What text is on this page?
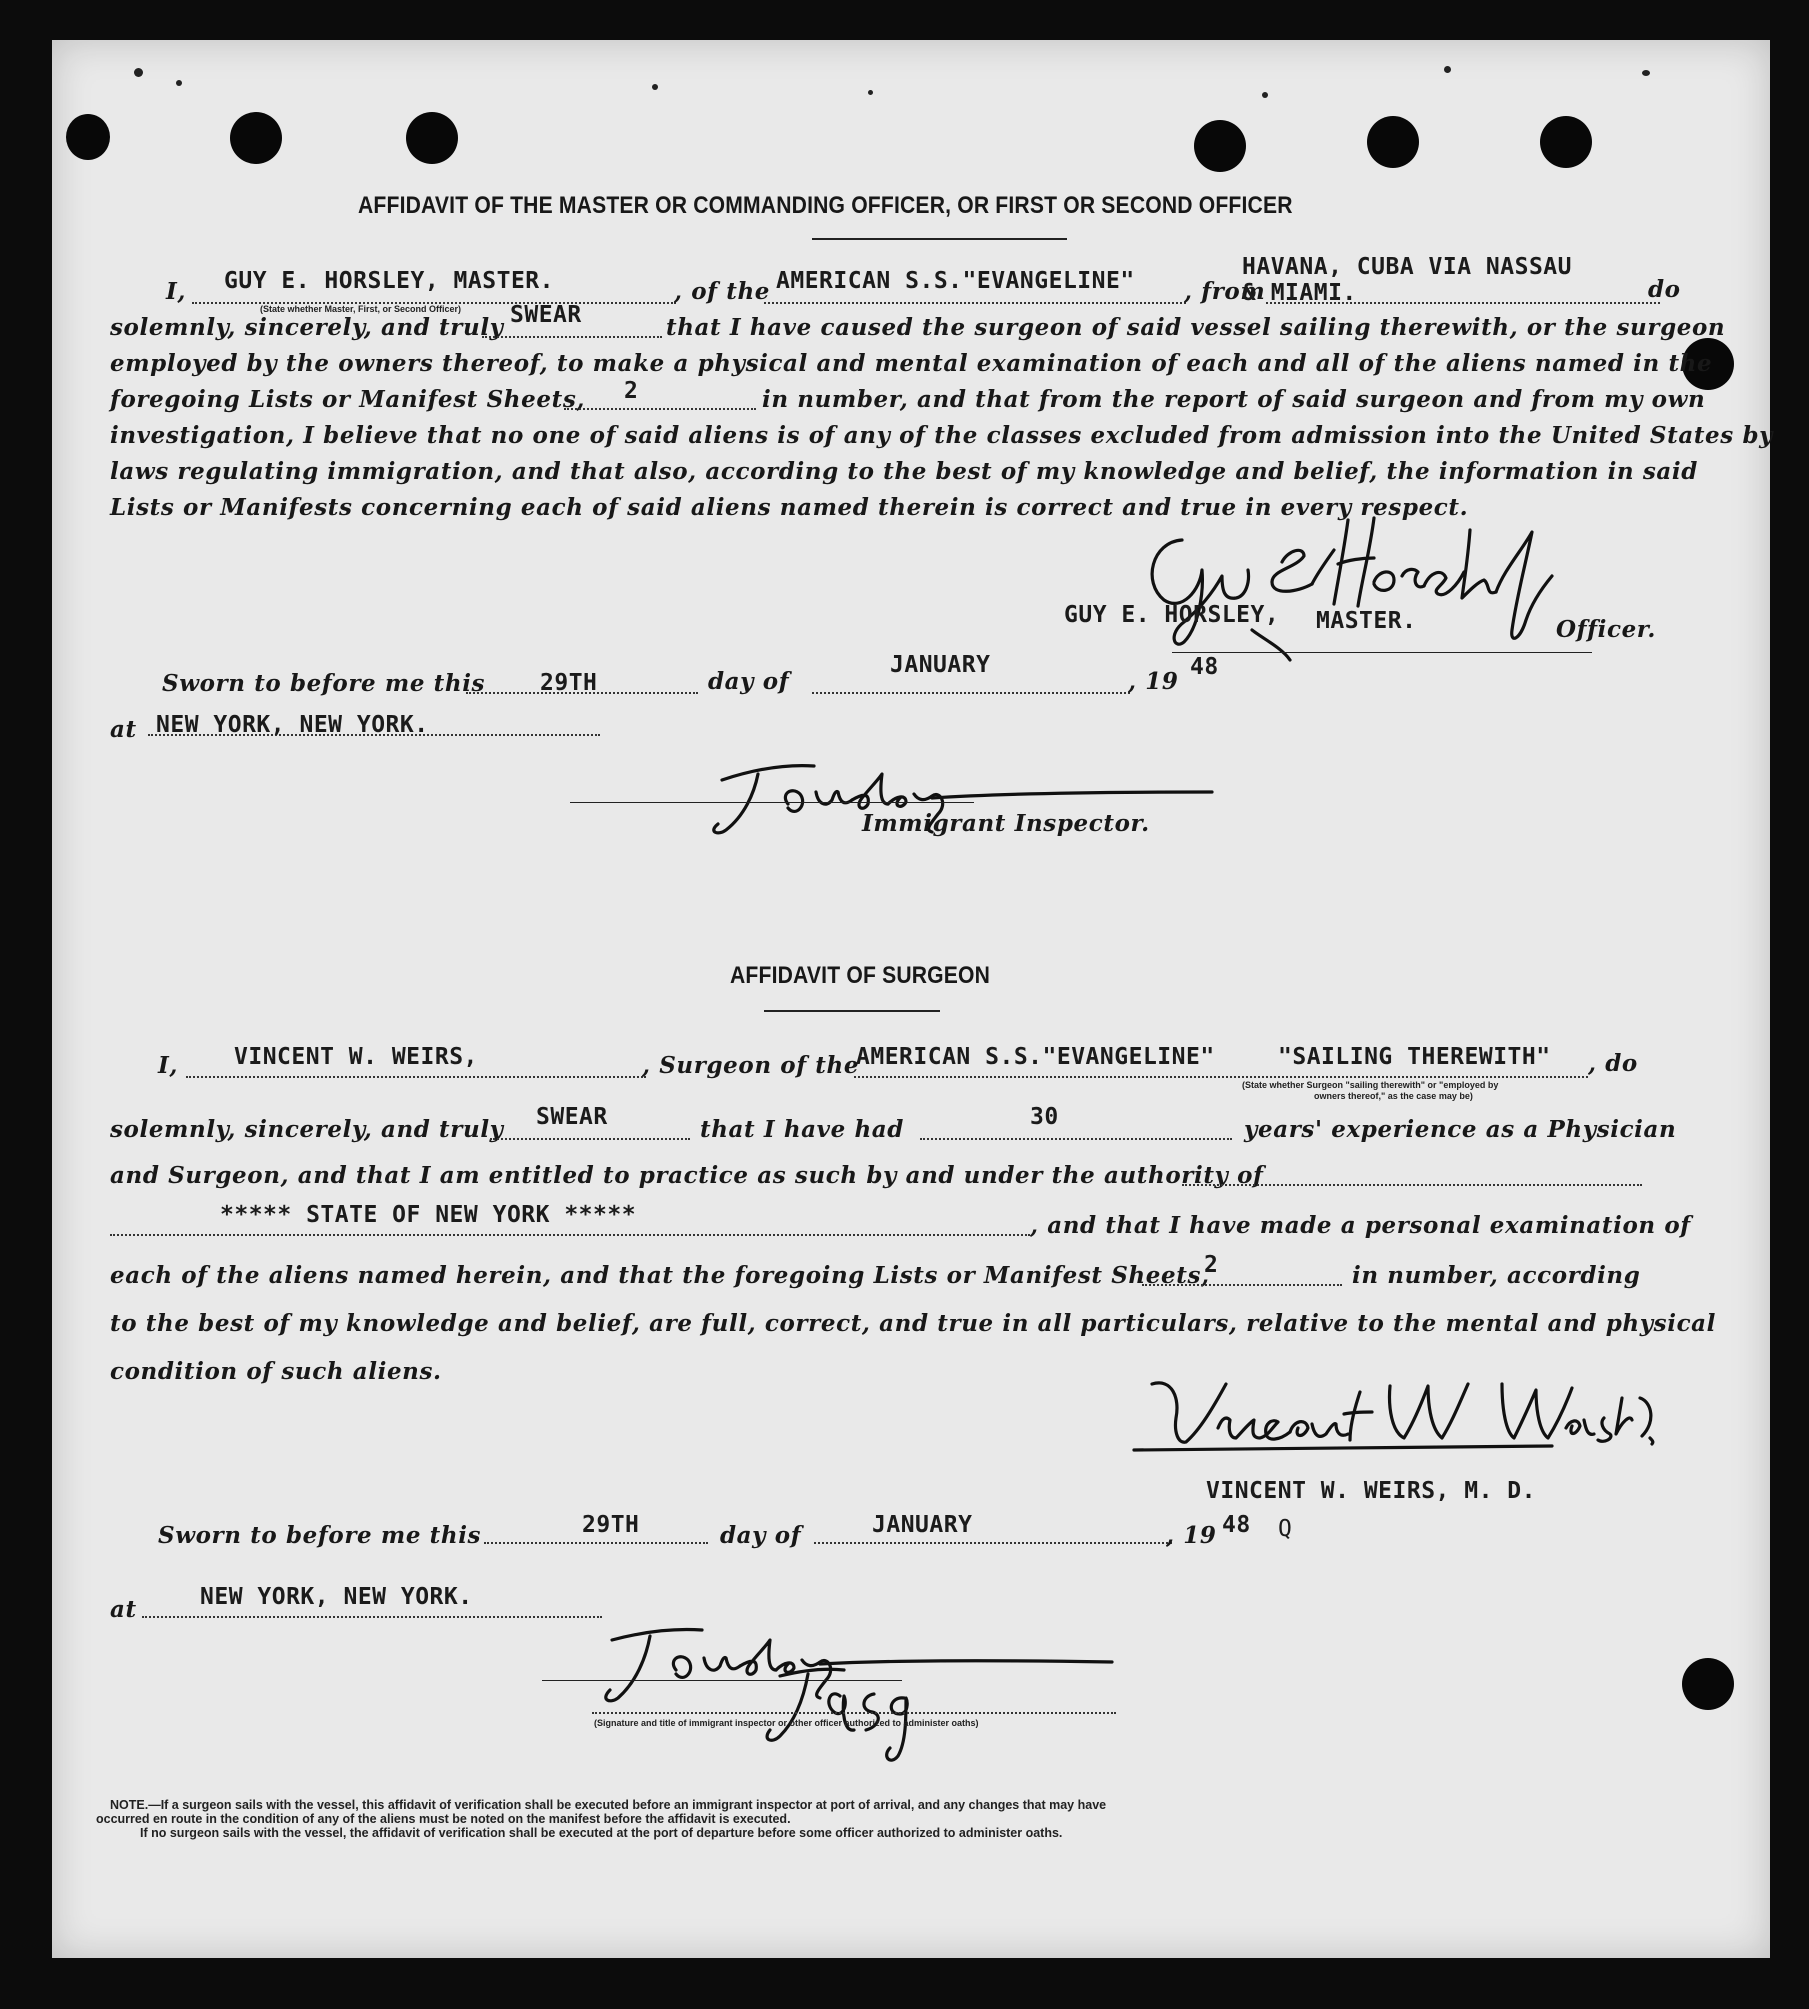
AFFIDAVIT OF THE MASTER OR COMMANDING OFFICER, OR FIRST OR SECOND OFFICER
I, GUY E. HORSLEY, MASTER.
(State whether Master, First, or Second Officer)
, of the AMERICAN S.S."EVANGELINE" , from
HAVANA, CUBA VIA NASSAU
& MIAMI.	do
solemnly, sincerely, and truly SWEAR	that I have caused the surgeon of said vessel sailing therewith, or the surgeon
employed by the owners thereof, to make a physical and mental examination of each and all of the aliens named in the
foregoing Lists or Manifest Sheets, 2	in number, and that from the report of said surgeon and from my own
investigation, I believe that no one of said aliens is of any of the classes excluded from admission into the United States by
laws regulating immigration, and that also, according to the best of my knowledge and belief, the information in said
Lists or Manifests concerning each of said aliens named therein is correct and true in every respect.
GUY E. HORSLEY, MASTER.	Officer.
Sworn to before me this 29TH	day of
JANUARY
, 19
48
at NEW YORK, NEW YORK.
Immigrant Inspector.
AFFIDAVIT OF SURGEON
I, VINCENT W. WEIRS,	, Surgeon of the
AMERICAN S.S."EVANGELINE"	"SAILING THEREWITH" , do
(State whether Surgeon "sailing therewith" or "employed by
owners thereof," as the case may be)
solemnly, sincerely, and truly SWEAR	that I have had	30	years' experience as a Physician
and Surgeon, and that I am entitled to practice as such by and under the authority of
***** STATE OF NEW YORK *****	, and that I have made a personal examination of
each of the aliens named herein, and that the foregoing Lists or Manifest Sheets,
2	in number, according
to the best of my knowledge and belief, are full, correct, and true in all particulars, relative to the mental and physical
condition of such aliens.
VINCENT W. WEIRS, M. D.
Sworn to before me this	29TH	day of	JANUARY	, 19 48 Q
at	NEW YORK, NEW YORK.
(Signature and title of immigrant inspector or other officer authorized to administer oaths)
NOTE.—If a surgeon sails with the vessel, this affidavit of verification shall be executed before an immigrant inspector at port of arrival, and any changes that may have
occurred en route in the condition of any of the aliens must be noted on the manifest before the affidavit is executed.
If no surgeon sails with the vessel, the affidavit of verification shall be executed at the port of departure before some officer authorized to administer oaths.
